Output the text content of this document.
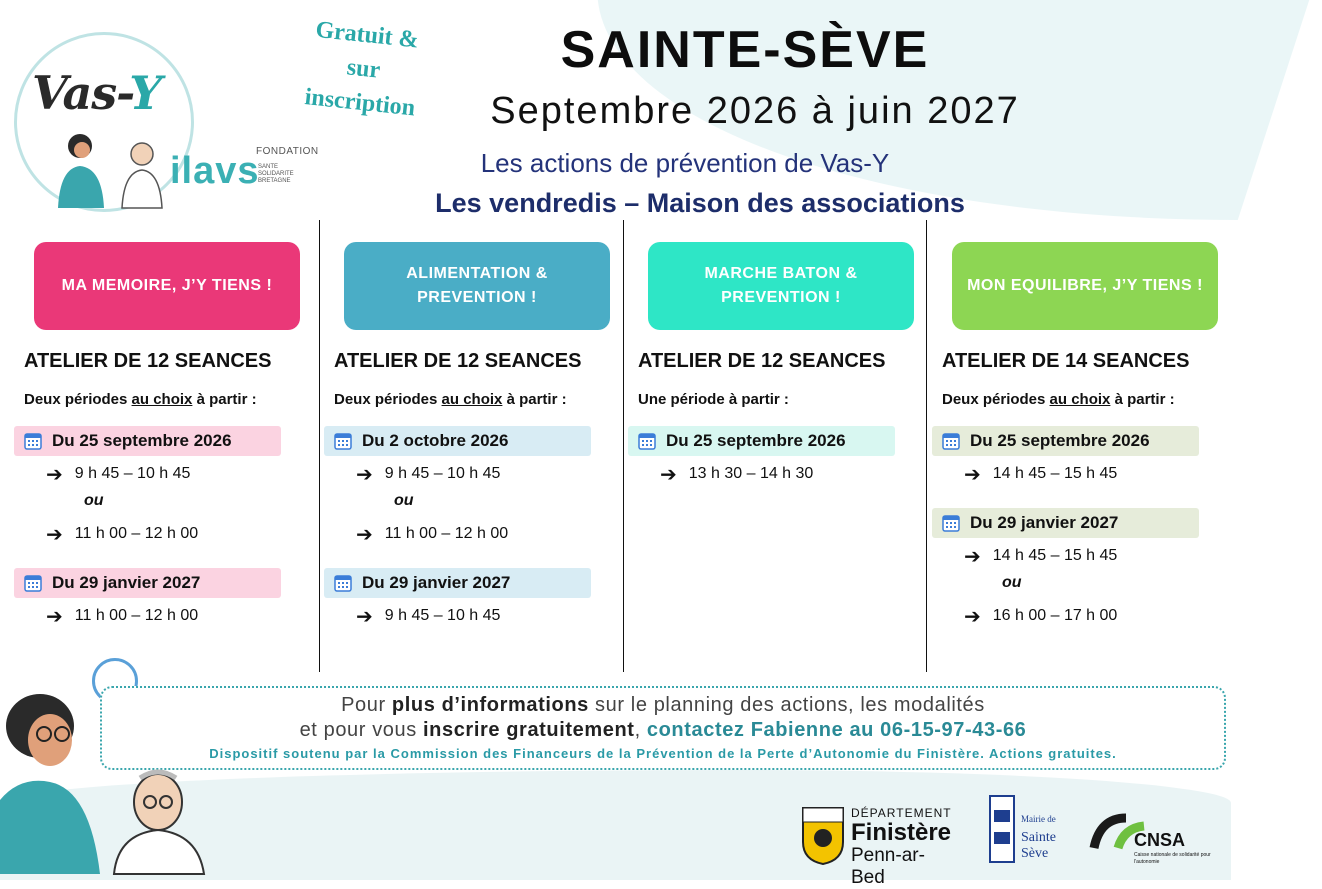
Vas-Y
ilavs
FONDATION
SANTE SOLIDARITE BRETAGNE
Gratuit &
sur
inscription
SAINTE-SÈVE
Septembre 2026 à juin 2027
Les actions de prévention de Vas-Y
Les vendredis – Maison des associations
MA MEMOIRE, J’Y TIENS !
ATELIER DE 12 SEANCES
Deux périodes au choix à partir :
Du 25 septembre 2026
➔ 9 h 45 – 10 h 45
ou
➔ 11 h 00 – 12 h 00
Du 29 janvier 2027
➔ 11 h 00 – 12 h 00
ALIMENTATION & PREVENTION !
ATELIER DE 12 SEANCES
Deux périodes au choix à partir :
Du 2 octobre 2026
➔ 9 h 45 – 10 h 45
ou
➔ 11 h 00 – 12 h 00
Du 29 janvier 2027
➔ 9 h 45 – 10 h 45
MARCHE BATON & PREVENTION !
ATELIER DE 12 SEANCES
Une période à partir :
Du 25 septembre 2026
➔ 13 h 30 – 14 h 30
MON EQUILIBRE, J’Y TIENS !
ATELIER DE 14 SEANCES
Deux périodes au choix à partir :
Du 25 septembre 2026
➔ 14 h 45 – 15 h 45
Du 29 janvier 2027
➔ 14 h 45 – 15 h 45
ou
➔ 16 h 00 – 17 h 00
Pour plus d’informations sur le planning des actions, les modalités
et pour vous inscrire gratuitement, contactez Fabienne au 06-15-97-43-66
Dispositif soutenu par la Commission des Financeurs de la Prévention de la Perte d’Autonomie du Finistère. Actions gratuites.
DÉPARTEMENT
Finistère
Penn-ar-Bed
Mairie de
Sainte
Sève
CNSA
Caisse nationale de solidarité pour l'autonomie
